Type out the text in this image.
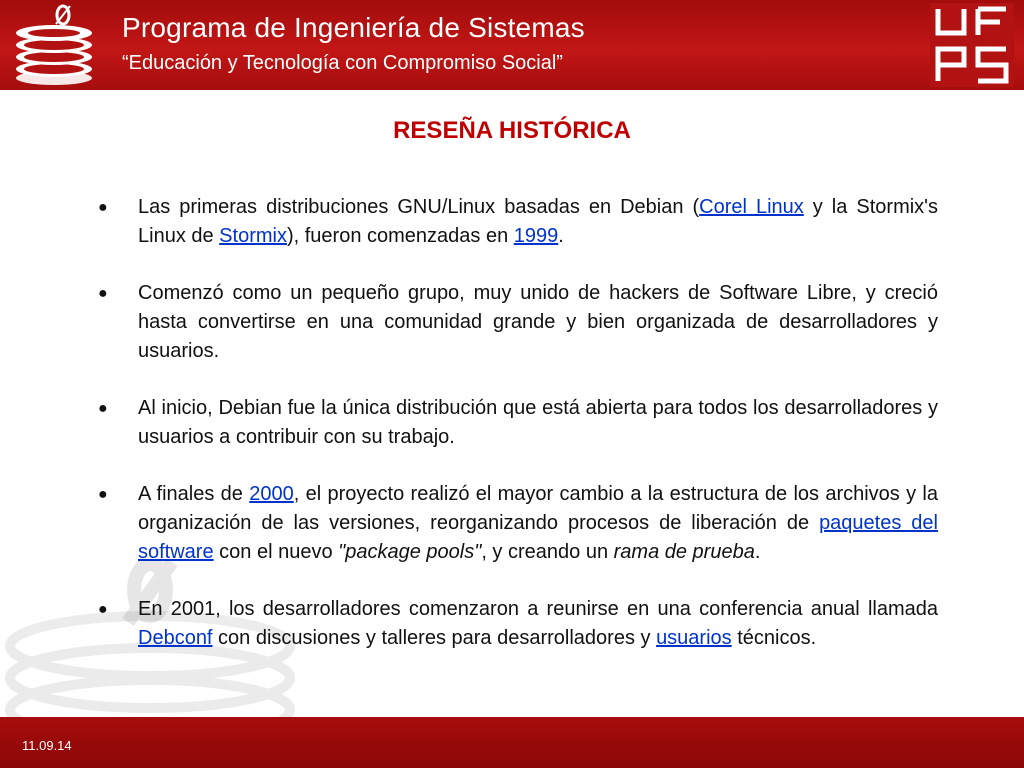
Programa de Ingeniería de Sistemas
“Educación y Tecnología con Compromiso Social”
RESEÑA HISTÓRICA
●	Las primeras distribuciones GNU/Linux basadas en Debian (Corel Linux y la Stormix's Linux de Stormix), fueron comenzadas en 1999.
●	Comenzó como un pequeño grupo, muy unido de hackers de Software Libre, y creció hasta convertirse en una comunidad grande y bien organizada de desarrolladores y usuarios.
●	Al inicio, Debian fue la única distribución que está abierta para todos los desarrolladores y usuarios a contribuir con su trabajo.
●	A finales de 2000, el proyecto realizó el mayor cambio a la estructura de los archivos y la organización de las versiones, reorganizando procesos de liberación de paquetes del software con el nuevo "package pools", y creando un rama de prueba.
●	En 2001, los desarrolladores comenzaron a reunirse en una conferencia anual llamada Debconf con discusiones y talleres para desarrolladores y usuarios técnicos.
11.09.14
